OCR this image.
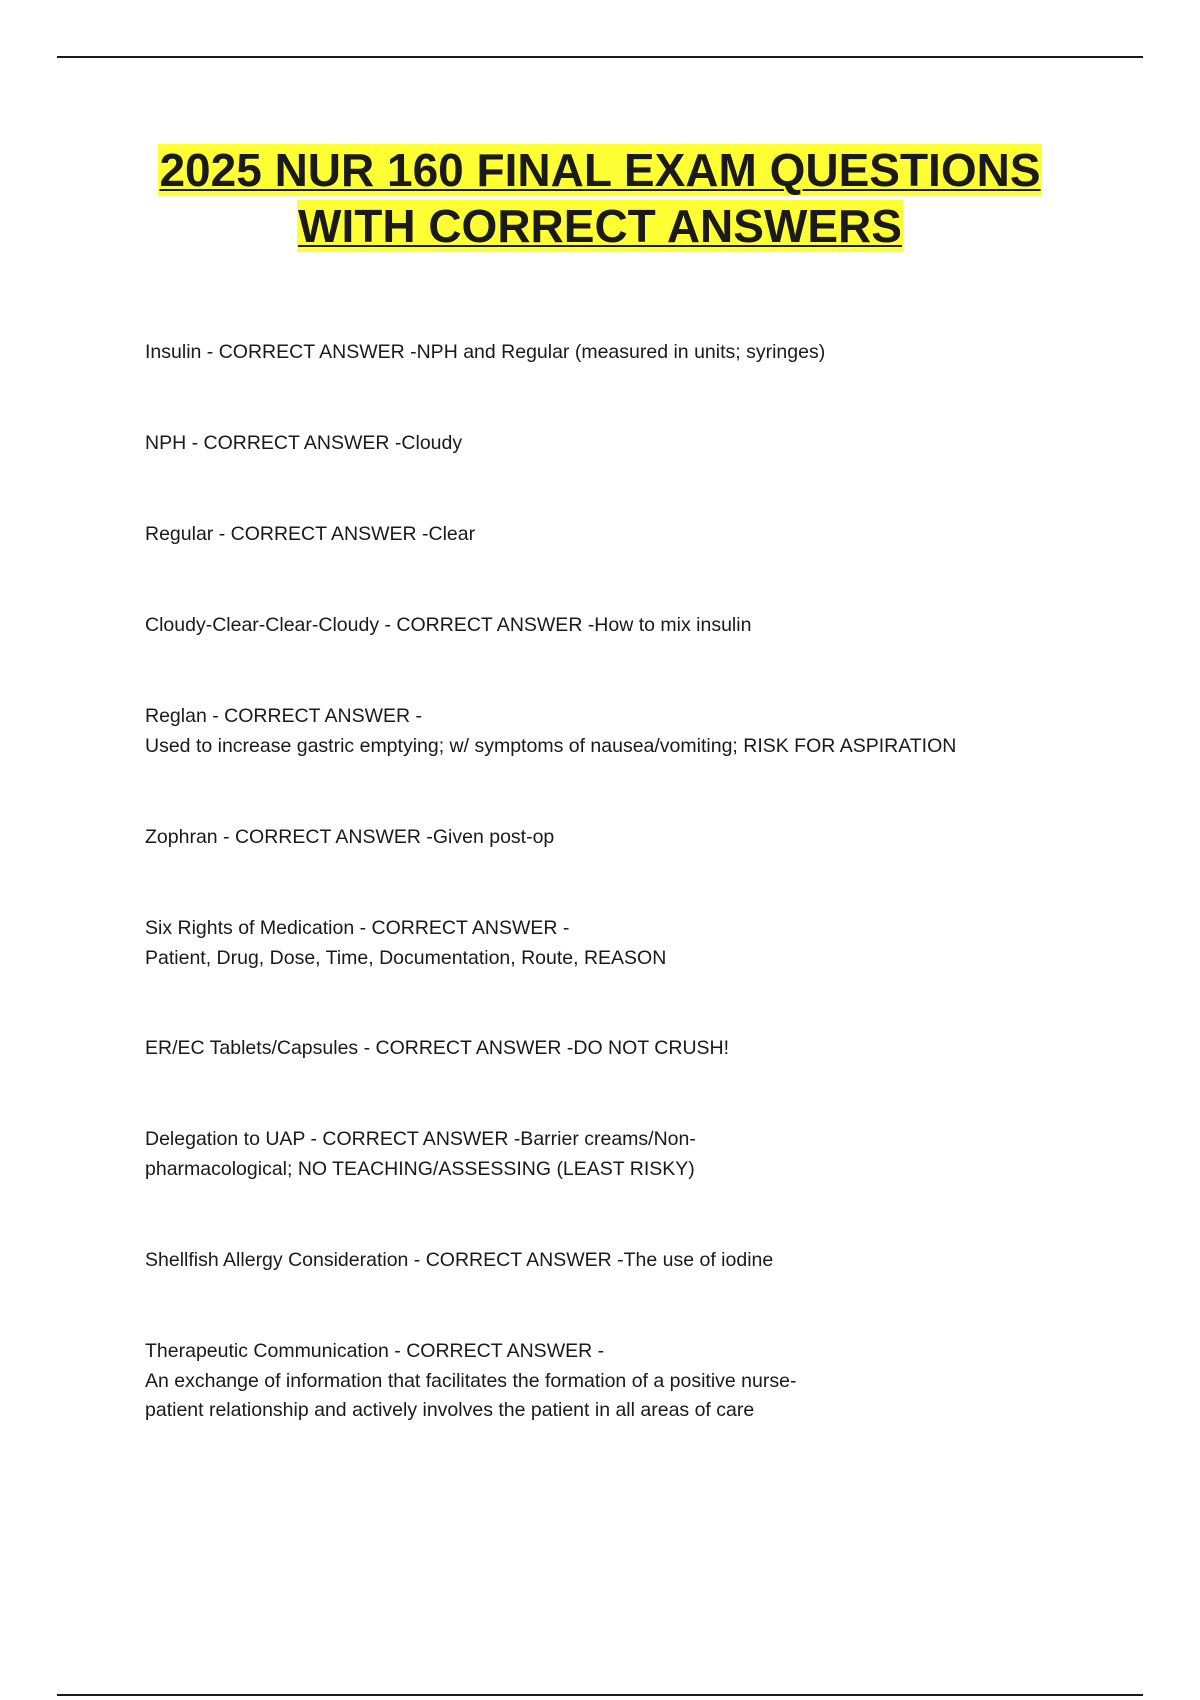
2025 NUR 160 FINAL EXAM QUESTIONS
WITH CORRECT ANSWERS
Insulin - CORRECT ANSWER -NPH and Regular (measured in units; syringes)
NPH - CORRECT ANSWER -Cloudy
Regular - CORRECT ANSWER -Clear
Cloudy-Clear-Clear-Cloudy - CORRECT ANSWER -How to mix insulin
Reglan - CORRECT ANSWER -
Used to increase gastric emptying; w/ symptoms of nausea/vomiting; RISK FOR ASPIRATION
Zophran - CORRECT ANSWER -Given post-op
Six Rights of Medication - CORRECT ANSWER -
Patient, Drug, Dose, Time, Documentation, Route, REASON
ER/EC Tablets/Capsules - CORRECT ANSWER -DO NOT CRUSH!
Delegation to UAP - CORRECT ANSWER -Barrier creams/Non-
pharmacological; NO TEACHING/ASSESSING (LEAST RISKY)
Shellfish Allergy Consideration - CORRECT ANSWER -The use of iodine
Therapeutic Communication - CORRECT ANSWER -
An exchange of information that facilitates the formation of a positive nurse-
patient relationship and actively involves the patient in all areas of care
